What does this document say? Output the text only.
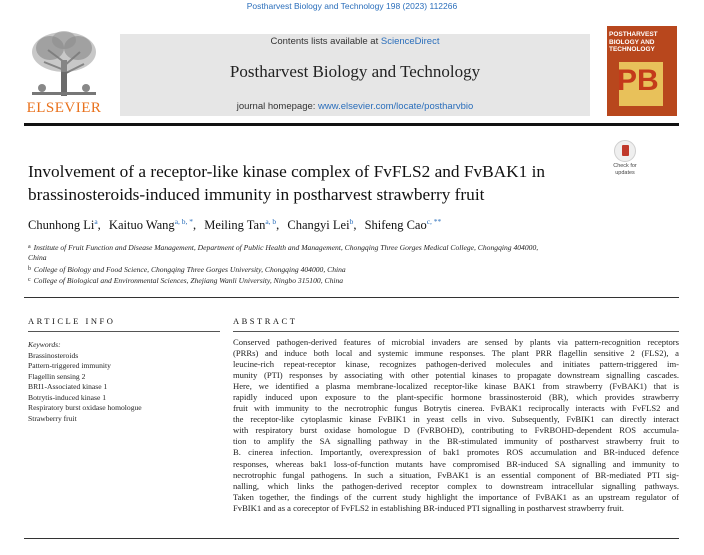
Postharvest Biology and Technology 198 (2023) 112266
ELSEVIER
Contents lists available at ScienceDirect
Postharvest Biology and Technology
journal homepage: www.elsevier.com/locate/postharvbio
POSTHARVEST BIOLOGY AND TECHNOLOGY
PB
Involvement of a receptor-like kinase complex of FvFLS2 and FvBAK1 in
brassinosteroids-induced immunity in postharvest strawberry fruit
Check for updates
Chunhong Li$^a$, Kaituo Wang$^{a, b, *}$, Meiling Tan$^{a, b}$, Changyi Lei$^b$, Shifeng Cao$^{c, **}$
$^a$ Institute of Fruit Function and Disease Management, Department of Public Health and Management, Chongqing Three Gorges Medical College, Chongqing 404000,
China
$^b$ College of Biology and Food Science, Chongqing Three Gorges University, Chongqing 404000, China
$^c$ College of Biological and Environmental Sciences, Zhejiang Wanli University, Ningbo 315100, China
ARTICLE INFO	ABSTRACT
Keywords:
Brassinosteroids
Pattern-triggered immunity
Flagellin sensing 2
BRI1-Associated kinase 1
Botrytis-induced kinase 1
Respiratory burst oxidase homologue
Strawberry fruit
Conserved pathogen-derived features of microbial invaders are sensed by plants via pattern-recognition receptors
(PRRs) and induce both local and systemic immune responses. The plant PRR flagellin sensitive 2 (FLS2), a
leucine-rich repeat-receptor kinase, recognizes pathogen-derived molecules and initiates pattern-triggered im-
munity (PTI) responses by associating with other potential kinases to propagate downstream signalling cascades.
Here, we identified a plasma membrane-localized receptor-like kinase BAK1 from strawberry (FvBAK1) that is
rapidly induced upon exposure to the plant-specific hormone brassinosteroid (BR), which provides strawberry
fruit with immunity to the necrotrophic fungus Botrytis cinerea. FvBAK1 reciprocally interacts with FvFLS2 and
the receptor-like cytoplasmic kinase FvBIK1 in yeast cells in vivo. Subsequently, FvBIK1 can directly interact
with respiratory burst oxidase homologue D (FvRBOHD), contributing to FvRBOHD-dependent ROS accumula-
tion to amplify the SA signalling pathway in the BR-stimulated immunity of postharvest strawberry fruit to
B. cinerea infection. Importantly, overexpression of bak1 promotes ROS accumulation and BR-induced defence
responses, whereas bak1 loss-of-function mutants have compromised BR-induced SA signalling and immunity to
necrotrophic fungal pathogens. In such a situation, FvBAK1 is an essential component of BR-mediated PTI sig-
nalling, which links the pathogen-derived receptor complex to downstream intracellular signalling pathways.
Taken together, the findings of the current study highlight the importance of FvBAK1 as an upstream regulator of
FvBIK1 and as a coreceptor of FvFLS2 in establishing BR-induced PTI signalling in postharvest strawberry fruit.
